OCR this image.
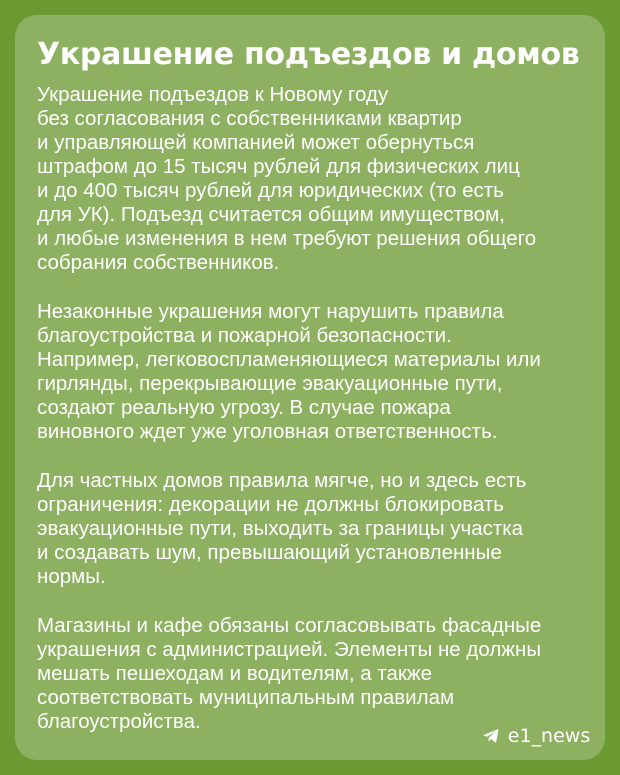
Украшение подъездов и домов

Украшение подъездов к Новому году
без согласования с собственниками квартир
и управляющей компанией может обернуться
штрафом до 15 тысяч рублей для физических лиц
и до 400 тысяч рублей для юридических (то есть
для УК). Подъезд считается общим имуществом,
и любые изменения в нем требуют решения общего
собрания собственников.

Незаконные украшения могут нарушить правила
благоустройства и пожарной безопасности.
Например, легковоспламеняющиеся материалы или
гирлянды, перекрывающие эвакуационные пути,
создают реальную угрозу. В случае пожара
виновного ждет уже уголовная ответственность.

Для частных домов правила мягче, но и здесь есть
ограничения: декорации не должны блокировать
эвакуационные пути, выходить за границы участка
и создавать шум, превышающий установленные
нормы.

Магазины и кафе обязаны согласовывать фасадные
украшения с администрацией. Элементы не должны
мешать пешеходам и водителям, а также
соответствовать муниципальным правилам
благоустройства.

e1_news
